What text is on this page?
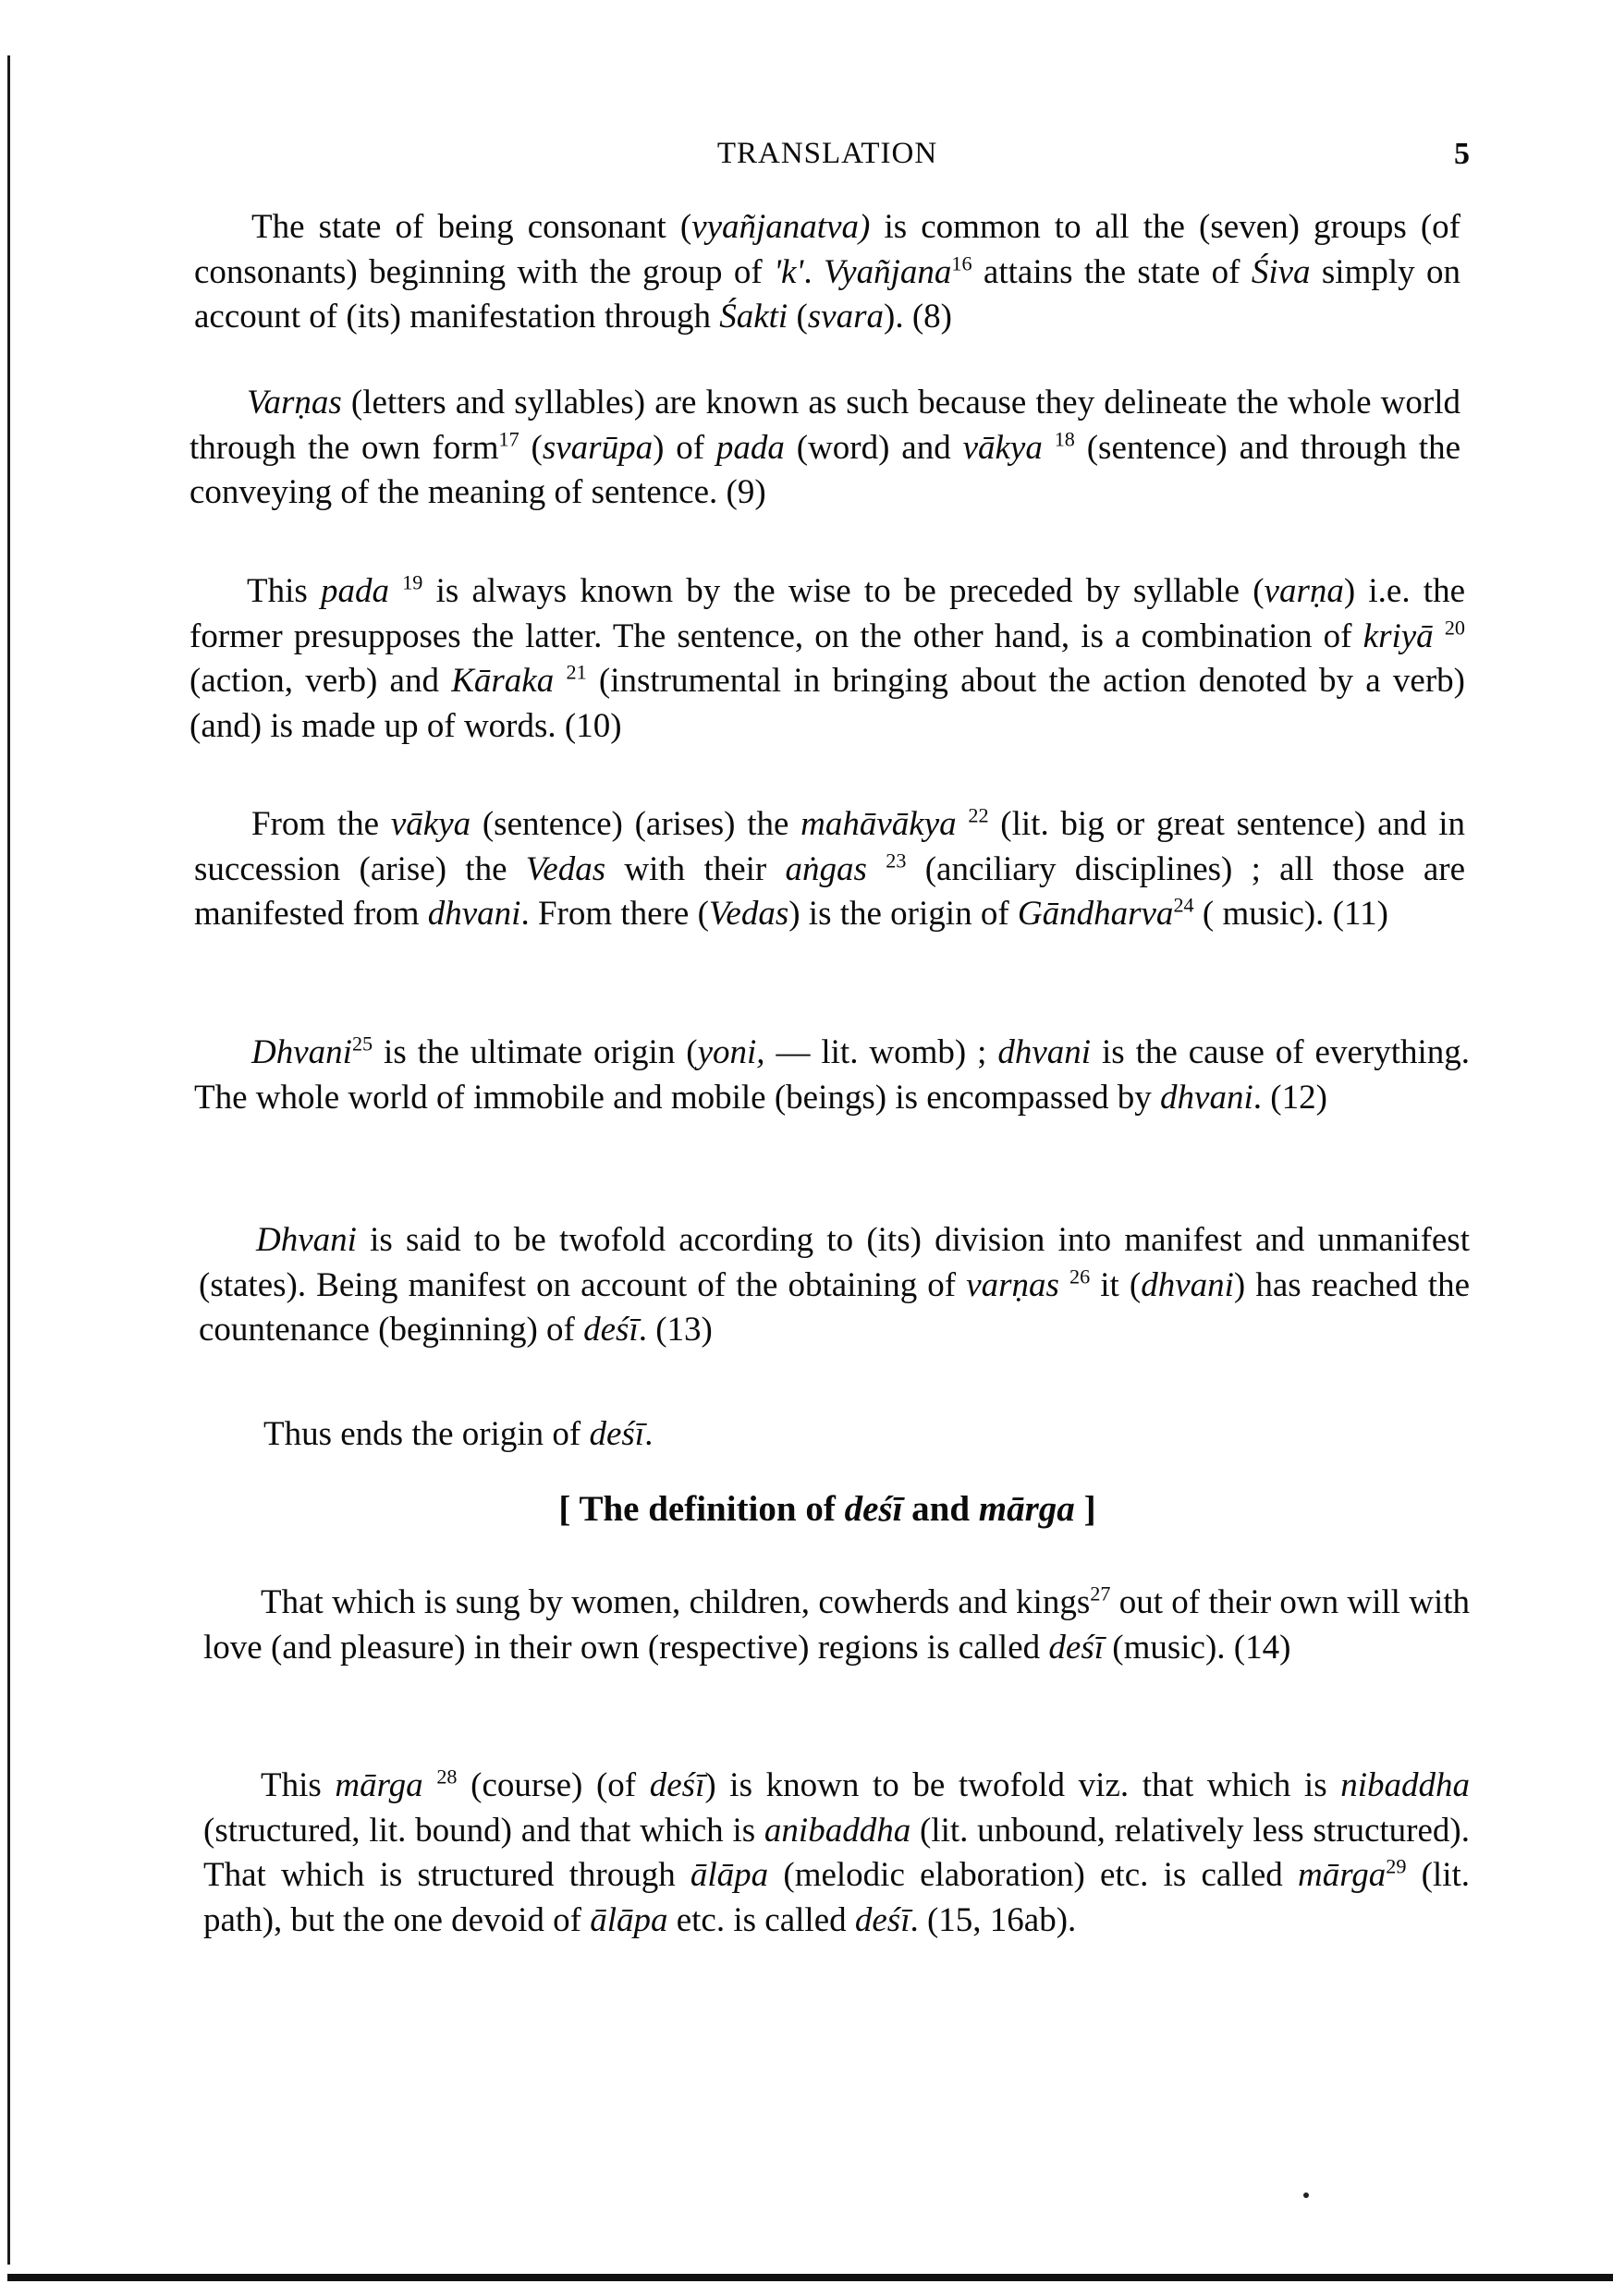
TRANSLATION	5

The state of being consonant (vyañjanatva) is common to all the (seven) groups (of consonants) beginning with the group of 'k'. Vyañjana$^{16}$ attains the state of Śiva simply on account of (its) manifestation through Śakti (svara). (8)

Varṇas (letters and syllables) are known as such because they delineate the whole world through the own form$^{17}$ (svarūpa) of pada (word) and vākya $^{18}$ (sentence) and through the conveying of the meaning of sentence. (9)

This pada $^{19}$ is always known by the wise to be preceded by syllable (varṇa) i.e. the former presupposes the latter. The sentence, on the other hand, is a combination of kriyā $^{20}$ (action, verb) and Kāraka $^{21}$ (instrumental in bringing about the action denoted by a verb) (and) is made up of words. (10)

From the vākya (sentence) (arises) the mahāvākya $^{22}$ (lit. big or great sentence) and in succession (arise) the Vedas with their aṅgas $^{23}$ (anciliary disciplines) ; all those are manifested from dhvani. From there (Vedas) is the origin of Gāndharva$^{24}$ ( music). (11)

Dhvani$^{25}$ is the ultimate origin (yoni, — lit. womb) ; dhvani is the cause of everything. The whole world of immobile and mobile (beings) is encompassed by dhvani. (12)

Dhvani is said to be twofold according to (its) division into manifest and unmanifest (states). Being manifest on account of the obtaining of varṇas $^{26}$ it (dhvani) has reached the countenance (beginning) of deśī. (13)

Thus ends the origin of deśī.
[ The definition of deśī and mārga ]

That which is sung by women, children, cowherds and kings$^{27}$ out of their own will with love (and pleasure) in their own (respective) regions is called deśī (music). (14)

This mārga $^{28}$ (course) (of deśī) is known to be twofold viz. that which is nibaddha (structured, lit. bound) and that which is anibaddha (lit. unbound, relatively less structured). That which is structured through ālāpa (melodic elaboration) etc. is called mārga$^{29}$ (lit. path), but the one devoid of ālāpa etc. is called deśī. (15, 16ab).
